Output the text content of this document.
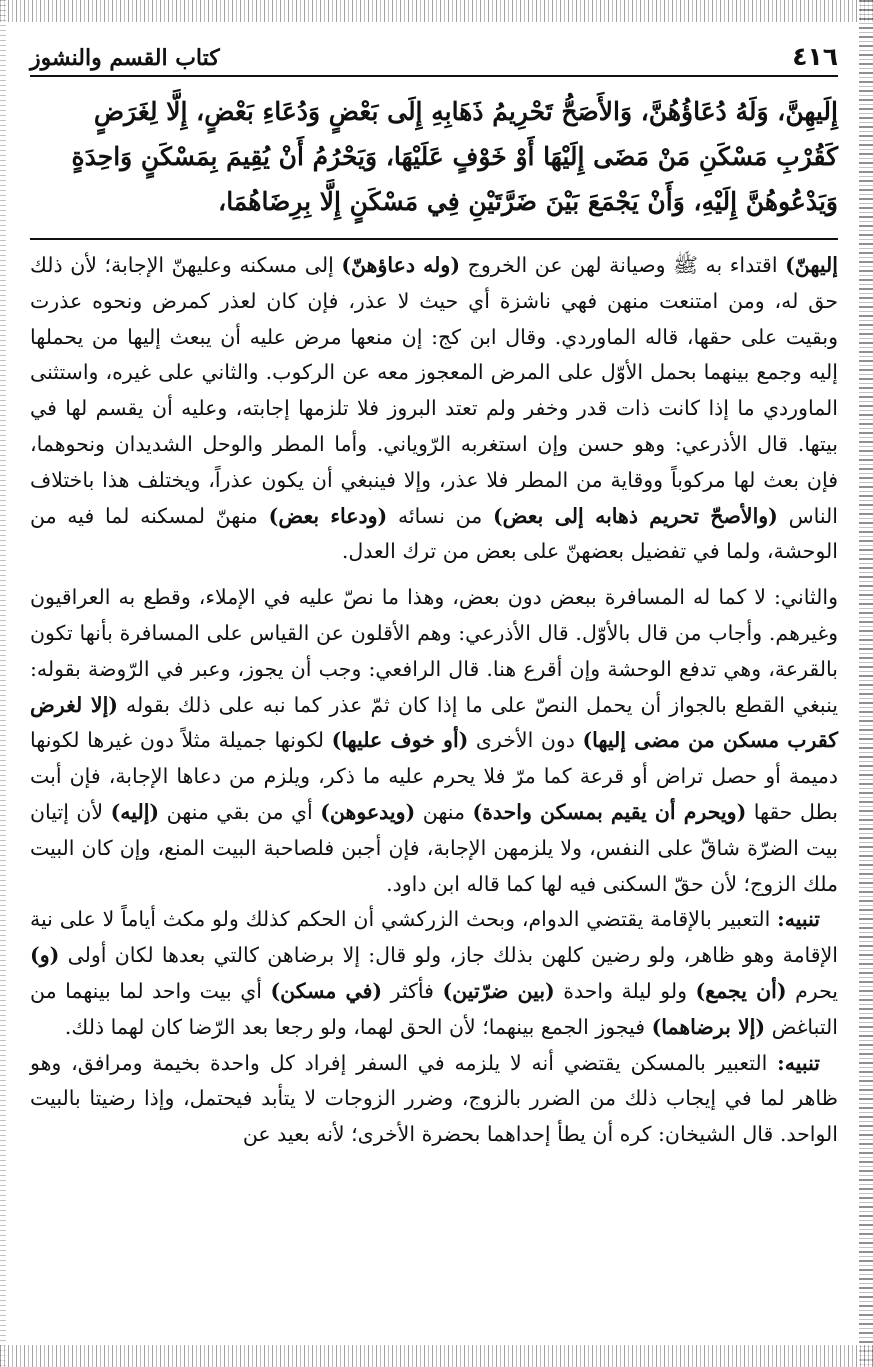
٤١٦
كتاب القسم والنشوز

إِلَيهِنَّ، وَلَهُ دُعَاؤُهُنَّ، وَالأَصَحُّ تَحْرِيمُ ذَهَابِهِ إِلَى بَعْضٍ وَدُعَاءِ بَعْضٍ، إِلَّا لِغَرَضٍ

كَقُرْبِ مَسْكَنِ مَنْ مَضَى إِلَيْهَا أَوْ خَوْفٍ عَلَيْهَا، وَيَحْرُمُ أَنْ يُقِيمَ بِمَسْكَنٍ وَاحِدَةٍ

وَيَدْعُوهُنَّ إِلَيْهِ، وَأَنْ يَجْمَعَ بَيْنَ ضَرَّتَيْنِ فِي مَسْكَنٍ إِلَّا بِرِضَاهُمَا،

إليهنّ) اقتداء به ﷺ وصيانة لهن عن الخروج (وله دعاؤهنّ) إلى مسكنه وعليهنّ الإجابة؛ لأن ذلك حق له، ومن امتنعت منهن فهي ناشزة أي حيث لا عذر، فإن كان لعذر كمرض ونحوه عذرت وبقيت على حقها، قاله الماوردي. وقال ابن كج: إن منعها مرض عليه أن يبعث إليها من يحملها إليه وجمع بينهما بحمل الأوّل على المرض المعجوز معه عن الركوب. والثاني على غيره، واستثنى الماوردي ما إذا كانت ذات قدر وخفر ولم تعتد البروز فلا تلزمها إجابته، وعليه أن يقسم لها في بيتها. قال الأذرعي: وهو حسن وإن استغربه الرّوياني. وأما المطر والوحل الشديدان ونحوهما، فإن بعث لها مركوباً ووقاية من المطر فلا عذر، وإلا فينبغي أن يكون عذراً، ويختلف هذا باختلاف الناس (والأصحّ تحريم ذهابه إلى بعض) من نسائه (ودعاء بعض) منهنّ لمسكنه لما فيه من الوحشة، ولما في تفضيل بعضهنّ على بعض من ترك العدل.

والثاني: لا كما له المسافرة ببعض دون بعض، وهذا ما نصّ عليه في الإملاء، وقطع به العراقيون وغيرهم. وأجاب من قال بالأوّل. قال الأذرعي: وهم الأقلون عن القياس على المسافرة بأنها تكون بالقرعة، وهي تدفع الوحشة وإن أقرع هنا. قال الرافعي: وجب أن يجوز، وعبر في الرّوضة بقوله: ينبغي القطع بالجواز أن يحمل النصّ على ما إذا كان ثمّ عذر كما نبه على ذلك بقوله (إلا لغرض كقرب مسكن من مضى إليها) دون الأخرى (أو خوف عليها) لكونها جميلة مثلاً دون غيرها لكونها دميمة أو حصل تراض أو قرعة كما مرّ فلا يحرم عليه ما ذكر، ويلزم من دعاها الإجابة، فإن أبت بطل حقها (ويحرم أن يقيم بمسكن واحدة) منهن (ويدعوهن) أي من بقي منهن (إليه) لأن إتيان بيت الضرّة شاقّ على النفس، ولا يلزمهن الإجابة، فإن أجبن فلصاحبة البيت المنع، وإن كان البيت ملك الزوج؛ لأن حقّ السكنى فيه لها كما قاله ابن داود.

تنبيه: التعبير بالإقامة يقتضي الدوام، وبحث الزركشي أن الحكم كذلك ولو مكث أياماً لا على نية الإقامة وهو ظاهر، ولو رضين كلهن بذلك جاز، ولو قال: إلا برضاهن كالتي بعدها لكان أولى (و) يحرم (أن يجمع) ولو ليلة واحدة (بين ضرّتين) فأكثر (في مسكن) أي بيت واحد لما بينهما من التباغض (إلا برضاهما) فيجوز الجمع بينهما؛ لأن الحق لهما، ولو رجعا بعد الرّضا كان لهما ذلك.

تنبيه: التعبير بالمسكن يقتضي أنه لا يلزمه في السفر إفراد كل واحدة بخيمة ومرافق، وهو ظاهر لما في إيجاب ذلك من الضرر بالزوج، وضرر الزوجات لا يتأبد فيحتمل، وإذا رضيتا بالبيت الواحد. قال الشيخان: كره أن يطأ إحداهما بحضرة الأخرى؛ لأنه بعيد عن
